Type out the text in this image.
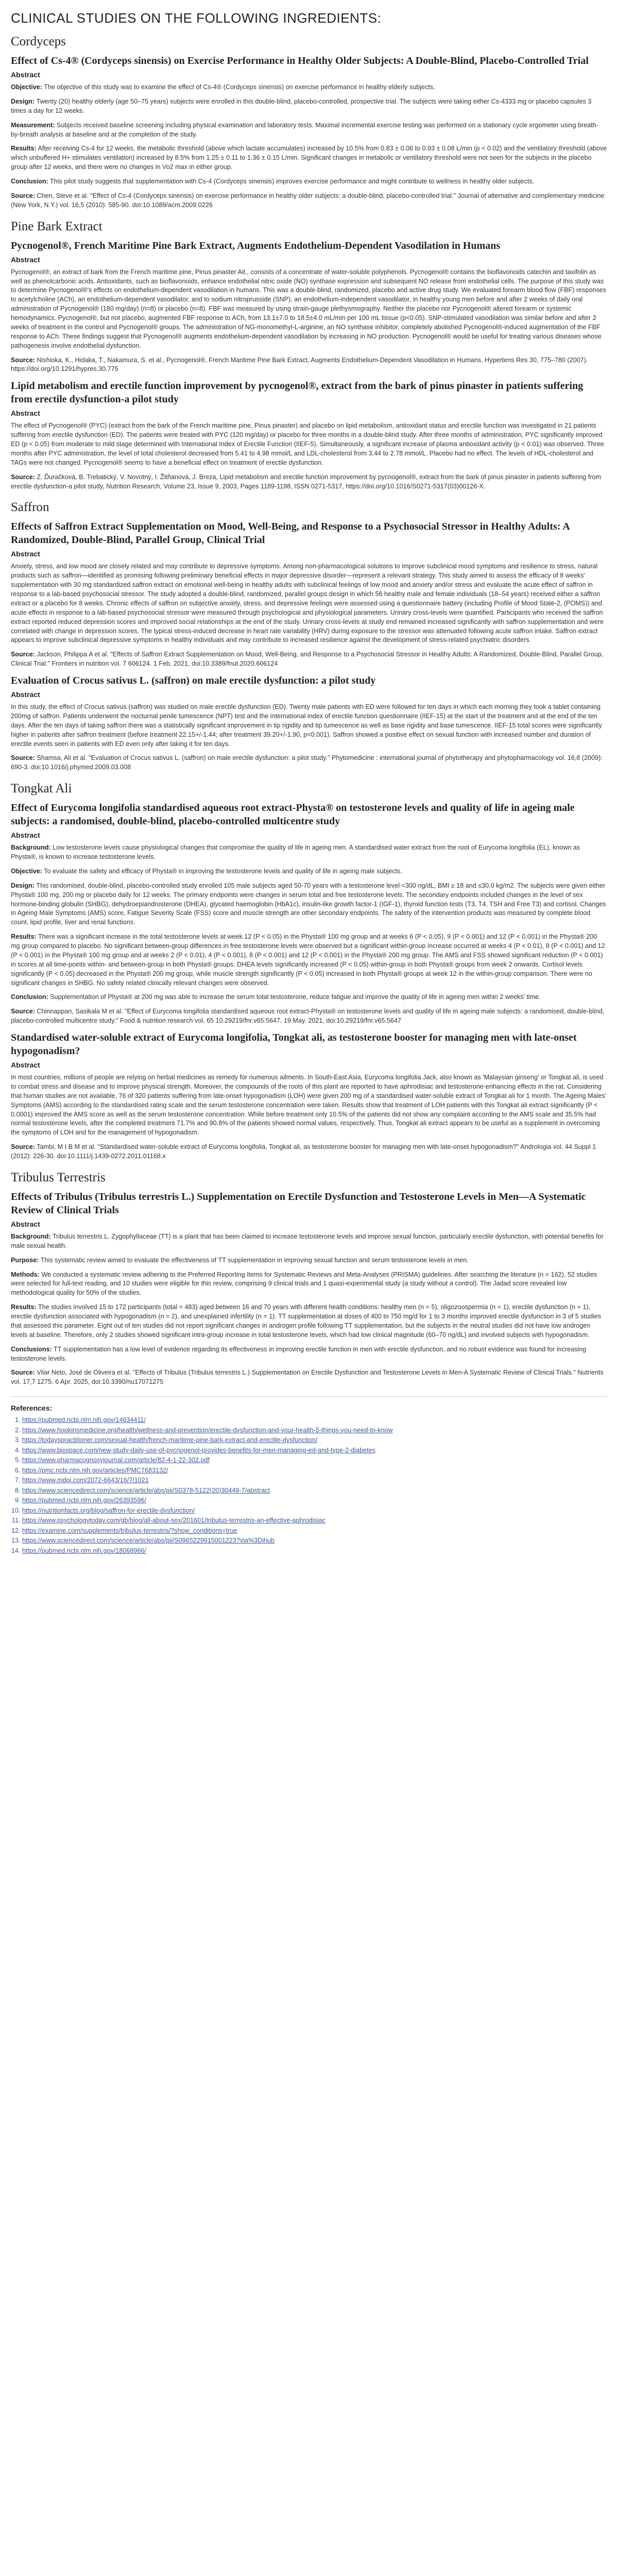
CLINICAL STUDIES ON THE FOLLOWING INGREDIENTS:
Cordyceps
Effect of Cs-4® (Cordyceps sinensis) on Exercise Performance in Healthy Older Subjects: A Double-Blind, Placebo-Controlled Trial
Abstract

Objective: The objective of this study was to examine the effect of Cs-4® (Cordyceps sinensis) on exercise performance in healthy elderly subjects.

Design: Twenty (20) healthy elderly (age 50–75 years) subjects were enrolled in this double-blind, placebo-controlled, prospective trial. The subjects were taking either Cs-4333 mg or placebo capsules 3 times a day for 12 weeks.

Measurement: Subjects received baseline screening including physical examination and laboratory tests. Maximal incremental exercise testing was performed on a stationary cycle ergometer using breath-by-breath analysis at baseline and at the completion of the study.

Results: After receiving Cs-4 for 12 weeks, the metabolic threshold (above which lactate accumulates) increased by 10.5% from 0.83 ± 0.06 to 0.93 ± 0.08 L/min (p < 0.02) and the ventilatory threshold (above which unbuffered H+ stimulates ventilation) increased by 8.5% from 1.25 ± 0.11 to 1.36 ± 0.15 L/min. Significant changes in metabolic or ventilatory threshold were not seen for the subjects in the placebo group after 12 weeks, and there were no changes in Vo2 max in either group.

Conclusion: This pilot study suggests that supplementation with Cs-4 (Cordyceps sinensis) improves exercise performance and might contribute to wellness in healthy older subjects.

Source: Chen, Steve et al. "Effect of Cs-4 (Cordyceps sinensis) on exercise performance in healthy older subjects: a double-blind, placebo-controlled trial." Journal of alternative and complementary medicine (New York, N.Y.) vol. 16,5 (2010): 585-90. doi:10.1089/acm.2009.0226

Pine Bark Extract
Pycnogenol®, French Maritime Pine Bark Extract, Augments Endothelium-Dependent Vasodilation in Humans
Abstract

Pycnogenol®, an extract of bark from the French maritime pine, Pinus pinaster Ait., consists of a concentrate of water-soluble polyphenols. Pycnogenol® contains the bioflavonoids catechin and taxifolin as well as phenolcarbonic acids. Antioxidants, such as bioflavonoids, enhance endothelial nitric oxide (NO) synthase expression and subsequent NO release from endothelial cells. The purpose of this study was to determine Pycnogenol®'s effects on endothelium-dependent vasodilation in humans. This was a double-blind, randomized, placebo and active drug study. We evaluated forearm blood flow (FBF) responses to acetylcholine (ACh), an endothelium-dependent vasodilator, and to sodium nitroprusside (SNP), an endothelium-independent vasodilator, in healthy young men before and after 2 weeks of daily oral administration of Pycnogenol® (180 mg/day) (n=8) or placebo (n=8). FBF was measured by using strain-gauge plethysmography. Neither the placebo nor Pycnogenol® altered forearm or systemic hemodynamics. Pycnogenol®, but not placebo, augmented FBF response to ACh, from 13.1±7.0 to 18.5±4.0 mL/min per 100 mL tissue (p<0.05). SNP-stimulated vasodilation was similar before and after 2 weeks of treatment in the control and Pycnogenol® groups. The administration of NG-monomethyl-L-arginine, an NO synthase inhibitor, completely abolished Pycnogenol®-induced augmentation of the FBF response to ACh. These findings suggest that Pycnogenol® augments endothelium-dependent vasodilation by increasing in NO production. Pycnogenol® would be useful for treating various diseases whose pathogenesis involve endothelial dysfunction.

Source: Nishioka, K., Hidaka, T., Nakamura, S. et al., Pycnogenol®, French Maritime Pine Bark Extract, Augments Endothelium-Dependent Vasodilation in Humans. Hypertens Res 30, 775–780 (2007). https://doi.org/10.1291/hypres.30.775

Lipid metabolism and erectile function improvement by pycnogenol®, extract from the bark of pinus pinaster in patients suffering from erectile dysfunction-a pilot study
Abstract

The effect of Pycnogenol® (PYC) (extract from the bark of the French maritime pine, Pinus pinaster) and placebo on lipid metabolism, antioxidant status and erectile function was investigated in 21 patients suffering from erectile dysfunction (ED). The patients were treated with PYC (120 mg/day) or placebo for three months in a double-blind study. After three months of administration, PYC significantly improved ED (p < 0.05) from moderate to mild stage determined with International Index of Erectile Function (IIEF-5). Simultaneously, a significant increase of plasma antioxidant activity (p < 0.01) was observed. Three months after PYC administration, the level of total cholesterol decreased from 5.41 to 4.98 mmol/L and LDL-cholesterol from 3.44 to 2.78 mmol/L. Placebo had no effect. The levels of HDL-cholesterol and TAGs were not changed. Pycnogenol® seems to have a beneficial effect on treatment of erectile dysfunction.

Source: Z. Ďuračková, B. Trebatický, V. Novotný, I. Žitňanová, J. Breza, Lipid metabolism and erectile function improvement by pycnogenol®, extract from the bark of pinus pinaster in patients suffering from erectile dysfunction-a pilot study, Nutrition Research, Volume 23, Issue 9, 2003, Pages 1189-1198, ISSN 0271-5317, https://doi.org/10.1016/S0271-5317(03)00126-X.

Saffron
Effects of Saffron Extract Supplementation on Mood, Well-Being, and Response to a Psychosocial Stressor in Healthy Adults: A Randomized, Double-Blind, Parallel Group, Clinical Trial
Abstract

Anxiety, stress, and low mood are closely related and may contribute to depressive symptoms. Among non-pharmacological solutions to improve subclinical mood symptoms and resilience to stress, natural products such as saffron—identified as promising following preliminary beneficial effects in major depressive disorder—represent a relevant strategy. This study aimed to assess the efficacy of 8 weeks' supplementation with 30 mg standardized saffron extract on emotional well-being in healthy adults with subclinical feelings of low mood and anxiety and/or stress and evaluate the acute effect of saffron in response to a lab-based psychosocial stressor. The study adopted a double-blind, randomized, parallel groups design in which 56 healthy male and female individuals (18–54 years) received either a saffron extract or a placebo for 8 weeks. Chronic effects of saffron on subjective anxiety, stress, and depressive feelings were assessed using a questionnaire battery (including Profile of Mood State-2, (POMS)) and acute effects in response to a lab-based psychosocial stressor were measured through psychological and physiological parameters. Urinary cross-levels were quantified. Participants who received the saffron extract reported reduced depression scores and improved social relationships at the end of the study. Urinary cross-levels at study end remained increased significantly with saffron supplementation and were correlated with change in depression scores. The typical stress-induced decrease in heart rate variability (HRV) during exposure to the stressor was attenuated following acute saffron intake. Saffron extract appears to improve subclinical depressive symptoms in healthy individuals and may contribute to increased resilience against the development of stress-related psychiatric disorders.

Source: Jackson, Philippa A et al. "Effects of Saffron Extract Supplementation on Mood, Well-Being, and Response to a Psychosocial Stressor in Healthy Adults: A Randomized, Double-Blind, Parallel Group, Clinical Trial." Frontiers in nutrition vol. 7 606124. 1 Feb. 2021, doi:10.3389/fnut.2020.606124

Evaluation of Crocus sativus L. (saffron) on male erectile dysfunction: a pilot study
Abstract

In this study, the effect of Crocus sativus (saffron) was studied on male erectile dysfunction (ED). Twenty male patients with ED were followed for ten days in which each morning they took a tablet containing 200mg of saffron. Patients underwent the nocturnal penile tumescence (NPT) test and the international index of erectile function questionnaire (IIEF-15) at the start of the treatment and at the end of the ten days. After the ten days of taking saffron there was a statistically significant improvement in tip rigidity and tip tumescence as well as base rigidity and base tumescence. IIEF-15 total scores were significantly higher in patients after saffron treatment (before treatment 22.15+/-1.44; after treatment 39.20+/-1.90, p<0.001). Saffron showed a positive effect on sexual function with increased number and duration of erectile events seen in patients with ED even only after taking it for ten days.

Source: Shamsa, Ali et al. "Evaluation of Crocus sativus L. (saffron) on male erectile dysfunction: a pilot study." Phytomedicine : international journal of phytotherapy and phytopharmacology vol. 16,8 (2009): 690-3. doi:10.1016/j.phymed.2009.03.008

Tongkat Ali
Effect of Eurycoma longifolia standardised aqueous root extract-Physta® on testosterone levels and quality of life in ageing male subjects: a randomised, double-blind, placebo-controlled multicentre study
Abstract

Background: Low testosterone levels cause physiological changes that compromise the quality of life in ageing men. A standardised water extract from the root of Eurycoma longifolia (EL), known as Physta®, is known to increase testosterone levels.

Objective: To evaluate the safety and efficacy of Physta® in improving the testosterone levels and quality of life in ageing male subjects.

Design: This randomised, double-blind, placebo-controlled study enrolled 105 male subjects aged 50-70 years with a testosterone level <300 ng/dL, BMI ≥ 18 and ≤30.0 kg/m2. The subjects were given either Physta® 100 mg, 200 mg or placebo daily for 12 weeks. The primary endpoints were changes in serum total and free testosterone levels. The secondary endpoints included changes in the level of sex hormone-binding globulin (SHBG), dehydroepiandrosterone (DHEA), glycated haemoglobin (HbA1c), insulin-like growth factor-1 (IGF-1), thyroid function tests (T3, T4, TSH and Free T3) and cortisol. Changes in Ageing Male Symptoms (AMS) score, Fatigue Severity Scale (FSS) score and muscle strength are other secondary endpoints. The safety of the intervention products was measured by complete blood count, lipid profile, liver and renal functions.

Results: There was a significant increase in the total testosterone levels at week 12 (P < 0.05) in the Physta® 100 mg group and at weeks 6 (P < 0.05), 9 (P < 0.001) and 12 (P < 0.001) in the Physta® 200 mg group compared to placebo. No significant between-group differences in free testosterone levels were observed but a significant within-group increase occurred at weeks 4 (P < 0.01), 8 (P < 0.001) and 12 (P < 0.001) in the Physta® 100 mg group and at weeks 2 (P < 0.01), 4 (P < 0.001), 8 (P < 0.001) and 12 (P < 0.001) in the Physta® 200 mg group. The AMS and FSS showed significant reduction (P < 0.001) in scores at all time-points within- and between-group in both Physta® groups. DHEA levels significantly increased (P < 0.05) within-group in both Physta® groups from week 2 onwards. Cortisol levels significantly (P < 0.05) decreased in the Physta® 200 mg group, while muscle strength significantly (P < 0.05) increased in both Physta® groups at week 12 in the within-group comparison. There were no significant changes in SHBG. No safety related clinically relevant changes were observed.

Conclusion: Supplementation of Physta® at 200 mg was able to increase the serum total testosterone, reduce fatigue and improve the quality of life in ageing men within 2 weeks' time.

Source: Chinnappan, Sasikala M et al. "Effect of Eurycoma longifolia standardised aqueous root extract-Physta® on testosterone levels and quality of life in ageing male subjects: a randomised, double-blind, placebo-controlled multicentre study." Food & nutrition research vol. 65 10.29219/fnr.v65.5647. 19 May. 2021, doi:10.29219/fnr.v65.5647

Standardised water-soluble extract of Eurycoma longifolia, Tongkat ali, as testosterone booster for managing men with late-onset hypogonadism?
Abstract

In most countries, millions of people are relying on herbal medicines as remedy for numerous ailments. In South-East Asia, Eurycoma longifolia Jack, also known as 'Malaysian ginseng' or Tongkat ali, is used to combat stress and disease and to improve physical strength. Moreover, the compounds of the roots of this plant are reported to have aphrodisiac and testosterone-enhancing effects in the rat. Considering that human studies are not available, 76 of 320 patients suffering from late-onset hypogonadism (LOH) were given 200 mg of a standardised water-soluble extract of Tongkat ali for 1 month. The Ageing Males' Symptoms (AMS) according to the standardised rating scale and the serum testosterone concentration were taken. Results show that treatment of LOH patients with this Tongkat ali extract significantly (P < 0.0001) improved the AMS score as well as the serum testosterone concentration. While before treatment only 10.5% of the patients did not show any complaint according to the AMS scale and 35.5% had normal testosterone levels, after the completed treatment 71.7% and 90.8% of the patients showed normal values, respectively. Thus, Tongkat ali extract appears to be useful as a supplement in overcoming the symptoms of LOH and for the management of hypogonadism.

Source: Tambi, M I B M et al. "Standardised water-soluble extract of Eurycoma longifolia, Tongkat ali, as testosterone booster for managing men with late-onset hypogonadism?" Andrologia vol. 44 Suppl 1 (2012): 226-30. doi:10.1111/j.1439-0272.2011.01168.x

Tribulus Terrestris
Effects of Tribulus (Tribulus terrestris L.) Supplementation on Erectile Dysfunction and Testosterone Levels in Men—A Systematic Review of Clinical Trials
Abstract

Background: Tribulus terrestris L. Zygophyllaceae (TT) is a plant that has been claimed to increase testosterone levels and improve sexual function, particularly erectile dysfunction, with potential benefits for male sexual health.

Purpose: This systematic review aimed to evaluate the effectiveness of TT supplementation in improving sexual function and serum testosterone levels in men.

Methods: We conducted a systematic review adhering to the Preferred Reporting Items for Systematic Reviews and Meta-Analyses (PRISMA) guidelines. After searching the literature (n = 162), 52 studies were selected for full-text reading, and 10 studies were eligible for this review, comprising 9 clinical trials and 1 quasi-experimental study (a study without a control). The Jadad score revealed low methodological quality for 50% of the studies.

Results: The studies involved 15 to 172 participants (total = 483) aged between 16 and 70 years with different health conditions: healthy men (n = 5), oligozoospermia (n = 1), erectile dysfunction (n = 1), erectile dysfunction associated with hypogonadism (n = 2), and unexplained infertility (n = 1). TT supplementation at doses of 400 to 750 mg/d for 1 to 3 months improved erectile dysfunction in 3 of 5 studies that assessed this parameter. Eight out of ten studies did not report significant changes in androgen profile following TT supplementation, but the subjects in the neutral studies did not have low androgen levels at baseline. Therefore, only 2 studies showed significant intra-group increase in total testosterone levels, which had low clinical magnitude (60–70 ng/dL) and involved subjects with hypogonadism.

Conclusions: TT supplementation has a low level of evidence regarding its effectiveness in improving erectile function in men with erectile dysfunction, and no robust evidence was found for increasing testosterone levels.

Source: Vilar Neto, José de Oliveira et al. "Effects of Tribulus (Tribulus terrestris L.) Supplementation on Erectile Dysfunction and Testosterone Levels in Men-A Systematic Review of Clinical Trials." Nutrients vol. 17,7 1275. 6 Apr. 2025, doi:10.3390/nu17071275

References:
1. https://pubmed.ncbi.nlm.nih.gov/14634411/
2. https://www.hopkinsmedicine.org/health/wellness-and-prevention/erectile-dysfunction-and-your-health-5-things-you-need-to-know
3. https://todayspractitioner.com/sexual-health/french-maritime-pine-bark-extract-and-erectile-dysfunction/
4. https://www.biospace.com/new-study-daily-use-of-pycnogenol-provides-benefits-for-men-managing-ed-and-type-2-diabetes
5. https://www.pharmacognosyjournal.com/article/82-4-1-22-302.pdf
6. https://pmc.ncbi.nlm.nih.gov/articles/PMC7683132/
7. https://www.mdpi.com/2072-6643/16/7/1021
8. https://www.sciencedirect.com/science/article/abs/pii/S0378-5122(20)30449-7/abstract
9. https://pubmed.ncbi.nlm.nih.gov/26393596/
10. https://nutritionfacts.org/blog/saffron-for-erectile-dysfunction/
11. https://www.psychologytoday.com/gb/blog/all-about-sex/201601/tribulus-terrestris-an-effective-aphrodisiac
12. https://examine.com/supplements/tribulus-terrestris/?show_conditions=true
13. https://www.sciencedirect.com/science/article/abs/pii/S0965229915001223?via%3Dihub
14. https://pubmed.ncbi.nlm.nih.gov/18068966/
